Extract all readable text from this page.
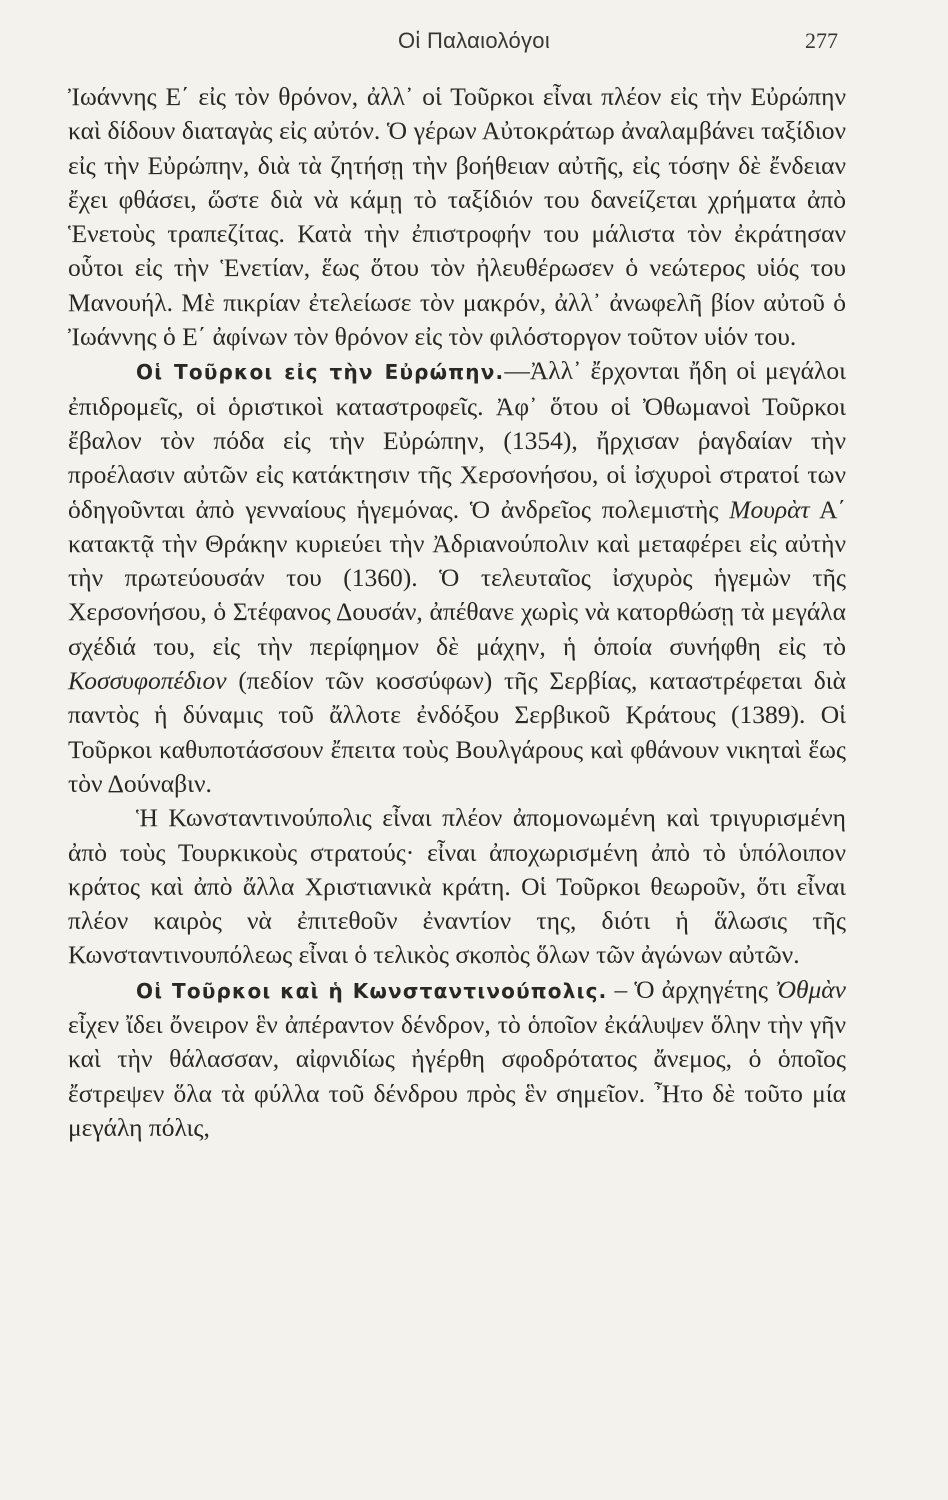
Οἱ Παλαιολόγοι	277

Ἰωάννης Ε΄ εἰς τὸν θρόνον, ἀλλ᾿ οἱ Τοῦρκοι εἶναι πλέον εἰς τὴν Εὐρώπην καὶ δίδουν διαταγὰς εἰς αὐτόν. Ὁ γέρων Αὐτοκράτωρ ἀναλαμβάνει ταξίδιον εἰς τὴν Εὐρώπην, διὰ τὰ ζητήσῃ τὴν βοήθειαν αὐτῆς, εἰς τόσην δὲ ἔνδειαν ἔχει φθάσει, ὥστε διὰ νὰ κάμῃ τὸ ταξίδιόν του δανείζεται χρήματα ἀπὸ Ἑνετοὺς τραπεζίτας. Κατὰ τὴν ἐπιστροφήν του μάλιστα τὸν ἐκράτησαν οὗτοι εἰς τὴν Ἑνετίαν, ἕως ὅτου τὸν ἠλευθέρωσεν ὁ νεώτερος υἱός του Μανουήλ. Μὲ πικρίαν ἐτελείωσε τὸν μακρόν, ἀλλ᾿ ἀνωφελῆ βίον αὐτοῦ ὁ Ἰωάννης ὁ Ε΄ ἀφίνων τὸν θρόνον εἰς τὸν φιλόστοργον τοῦτον υἱόν του.

Οἱ Τοῦρκοι εἰς τὴν Εὐρώπην.—Ἀλλ᾿ ἔρχονται ἤδη οἱ μεγάλοι ἐπιδρομεῖς, οἱ ὁριστικοὶ καταστροφεῖς. Ἀφ᾿ ὅτου οἱ Ὀθωμανοὶ Τοῦρκοι ἔβαλον τὸν πόδα εἰς τὴν Εὐρώπην, (1354), ἤρχισαν ῥαγδαίαν τὴν προέλασιν αὐτῶν εἰς κατάκτησιν τῆς Χερσονήσου, οἱ ἰσχυροὶ στρατοί των ὁδηγοῦνται ἀπὸ γενναίους ἡγεμόνας. Ὁ ἀνδρεῖος πολεμιστὴς Μουρὰτ Α΄ κατακτᾷ τὴν Θράκην κυριεύει τὴν Ἀδριανούπολιν καὶ μεταφέρει εἰς αὐτὴν τὴν πρωτεύουσάν του (1360). Ὁ τελευταῖος ἰσχυρὸς ἡγεμὼν τῆς Χερσονήσου, ὁ Στέφανος Δουσάν, ἀπέθανε χωρὶς νὰ κατορθώσῃ τὰ μεγάλα σχέδιά του, εἰς τὴν περίφημον δὲ μάχην, ἡ ὁποία συνήφθη εἰς τὸ Κοσσυφοπέδιον (πεδίον τῶν κοσσύφων) τῆς Σερβίας, καταστρέφεται διὰ παντὸς ἡ δύναμις τοῦ ἄλλοτε ἐνδόξου Σερβικοῦ Κράτους (1389). Οἱ Τοῦρκοι καθυποτάσσουν ἔπειτα τοὺς Βουλγάρους καὶ φθάνουν νικηταὶ ἕως τὸν Δούναβιν.

Ἡ Κωνσταντινούπολις εἶναι πλέον ἀπομονωμένη καὶ τριγυρισμένη ἀπὸ τοὺς Τουρκικοὺς στρατούς· εἶναι ἀποχωρισμένη ἀπὸ τὸ ὑπόλοιπον κράτος καὶ ἀπὸ ἄλλα Χριστιανικὰ κράτη. Οἱ Τοῦρκοι θεωροῦν, ὅτι εἶναι πλέον καιρὸς νὰ ἐπιτεθοῦν ἐναντίον της, διότι ἡ ἅλωσις τῆς Κωνσταντινουπόλεως εἶναι ὁ τελικὸς σκοπὸς ὅλων τῶν ἀγώνων αὐτῶν.

Οἱ Τοῦρκοι καὶ ἡ Κωνσταντινούπολις. – Ὁ ἀρχηγέτης Ὀθμὰν εἶχεν ἴδει ὄνειρον ἓν ἀπέραντον δένδρον, τὸ ὁποῖον ἐκάλυψεν ὅλην τὴν γῆν καὶ τὴν θάλασσαν, αἰφνιδίως ἠγέρθη σφοδρότατος ἄνεμος, ὁ ὁποῖος ἔστρεψεν ὅλα τὰ φύλλα τοῦ δένδρου πρὸς ἓν σημεῖον. Ἦτο δὲ τοῦτο μία μεγάλη πόλις,
